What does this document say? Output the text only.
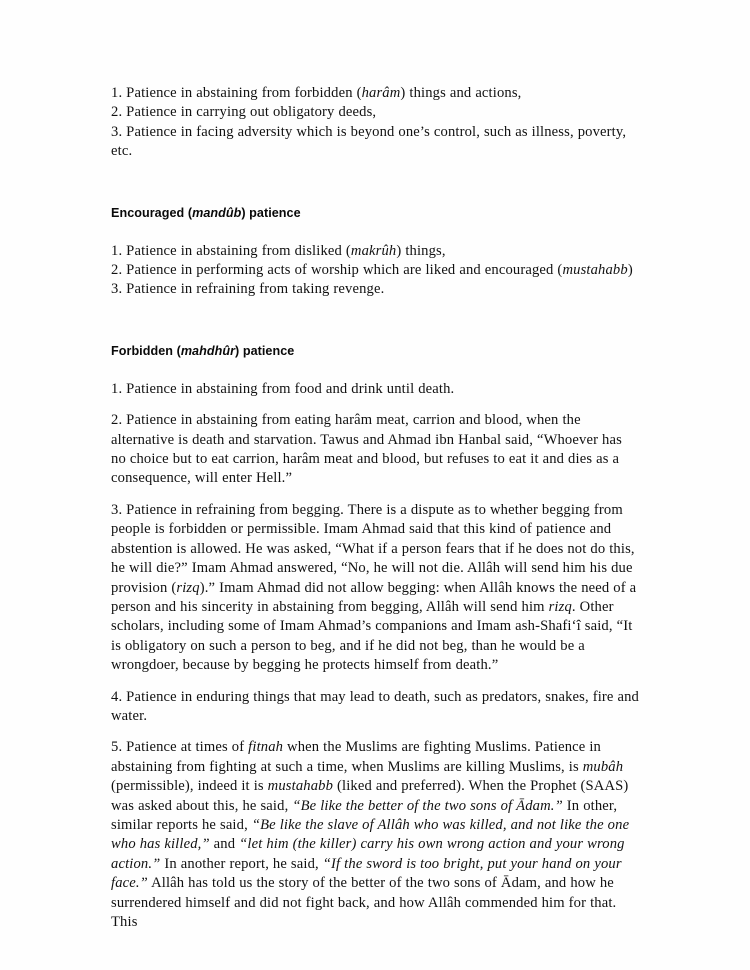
1. Patience in abstaining from forbidden (harâm) things and actions,

2. Patience in carrying out obligatory deeds,

3. Patience in facing adversity which is beyond one’s control, such as illness, poverty, etc.

Encouraged (mandûb) patience

1. Patience in abstaining from disliked (makrûh) things,

2. Patience in performing acts of worship which are liked and encouraged (mustahabb)

3. Patience in refraining from taking revenge.

Forbidden (mahdhûr) patience

1. Patience in abstaining from food and drink until death.

2. Patience in abstaining from eating harâm meat, carrion and blood, when the alternative is death and starvation. Tawus and Ahmad ibn Hanbal said, “Whoever has no choice but to eat carrion, harâm meat and blood, but refuses to eat it and dies as a consequence, will enter Hell.”

3. Patience in refraining from begging. There is a dispute as to whether begging from people is forbidden or permissible. Imam Ahmad said that this kind of patience and abstention is allowed. He was asked, “What if a person fears that if he does not do this, he will die?” Imam Ahmad answered, “No, he will not die. Allâh will send him his due provision (rizq).” Imam Ahmad did not allow begging: when Allâh knows the need of a person and his sincerity in abstaining from begging, Allâh will send him rizq. Other scholars, including some of Imam Ahmad’s companions and Imam ash-Shafi‘î said, “It is obligatory on such a person to beg, and if he did not beg, than he would be a wrongdoer, because by begging he protects himself from death.”

4. Patience in enduring things that may lead to death, such as predators, snakes, fire and water.

5. Patience at times of fitnah when the Muslims are fighting Muslims. Patience in abstaining from fighting at such a time, when Muslims are killing Muslims, is mubâh (permissible), indeed it is mustahabb (liked and preferred). When the Prophet (SAAS) was asked about this, he said, “Be like the better of the two sons of Ādam.” In other, similar reports he said, “Be like the slave of Allâh who was killed, and not like the one who has killed,” and “let him (the killer) carry his own wrong action and your wrong action.” In another report, he said, “If the sword is too bright, put your hand on your face.” Allâh has told us the story of the better of the two sons of Ādam, and how he surrendered himself and did not fight back, and how Allâh commended him for that. This
